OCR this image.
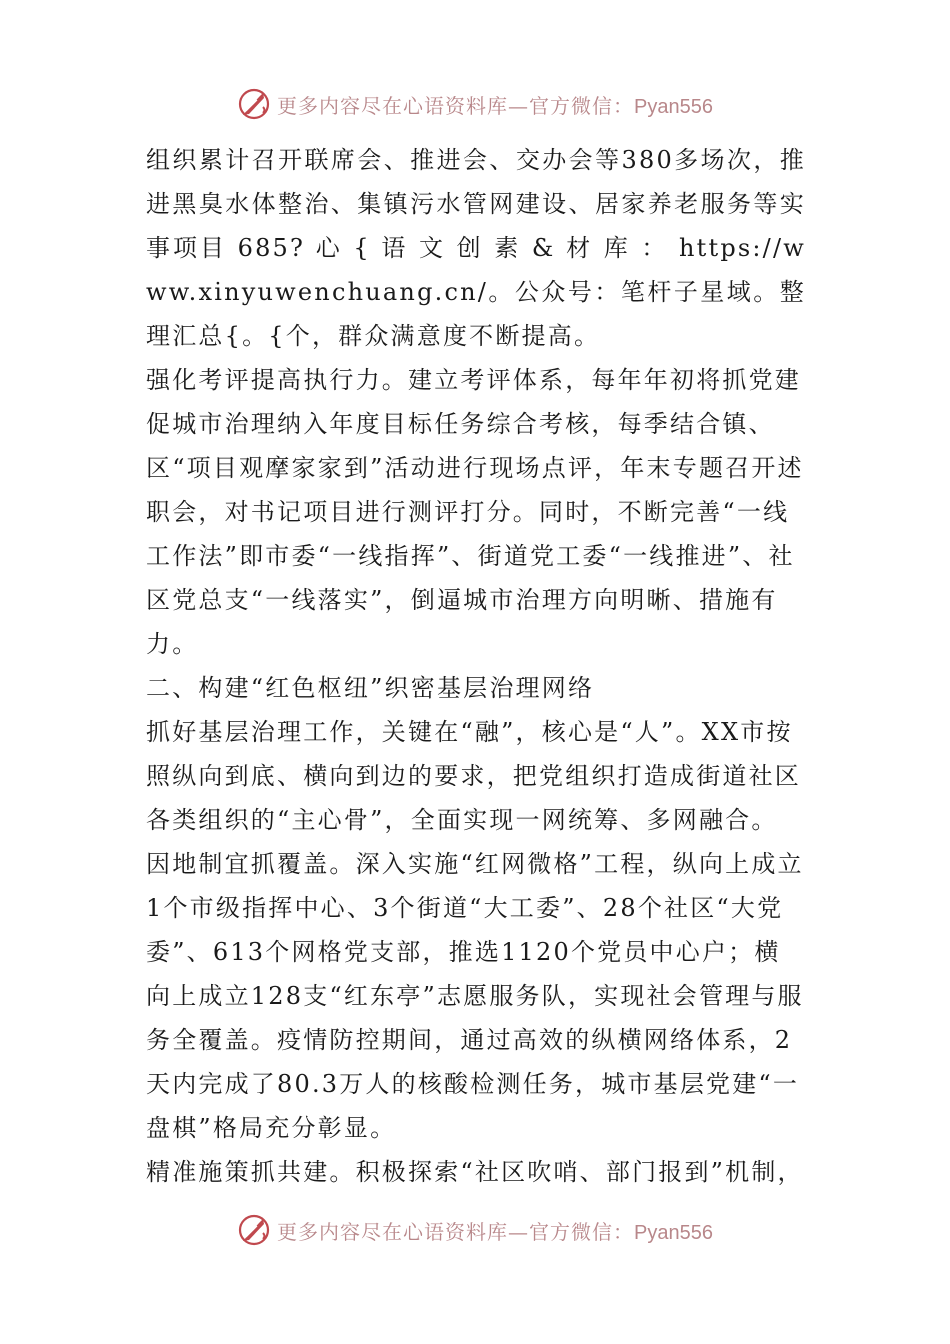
更多内容尽在心语资料库—官方微信：Pyan556

组织累计召开联席会、推进会、交办会等380多场次，推进黑臭水体整治、集镇污水管网建设、居家养老服务等实事项目 685? 心 { 语 文 创 素 & 材 库 ： https://www.xinyuwenchuang.cn/。公众号：笔杆子星域。整理汇总{。{个，群众满意度不断提高。

强化考评提高执行力。建立考评体系，每年年初将抓党建促城市治理纳入年度目标任务综合考核，每季结合镇、区“项目观摩家家到”活动进行现场点评，年末专题召开述职会，对书记项目进行测评打分。同时，不断完善“一线工作法”即市委“一线指挥”、街道党工委“一线推进”、社区党总支“一线落实”，倒逼城市治理方向明晰、措施有力。

二、构建“红色枢纽”织密基层治理网络

抓好基层治理工作，关键在“融”，核心是“人”。XX市按照纵向到底、横向到边的要求，把党组织打造成街道社区各类组织的“主心骨”，全面实现一网统筹、多网融合。

因地制宜抓覆盖。深入实施“红网微格”工程，纵向上成立1个市级指挥中心、3个街道“大工委”、28个社区“大党委”、613个网格党支部，推选1120个党员中心户；横向上成立128支“红东亭”志愿服务队，实现社会管理与服务全覆盖。疫情防控期间，通过高效的纵横网络体系，2天内完成了80.3万人的核酸检测任务，城市基层党建“一盘棋”格局充分彰显。

精准施策抓共建。积极探索“社区吹哨、部门报到”机制，

更多内容尽在心语资料库—官方微信：Pyan556
